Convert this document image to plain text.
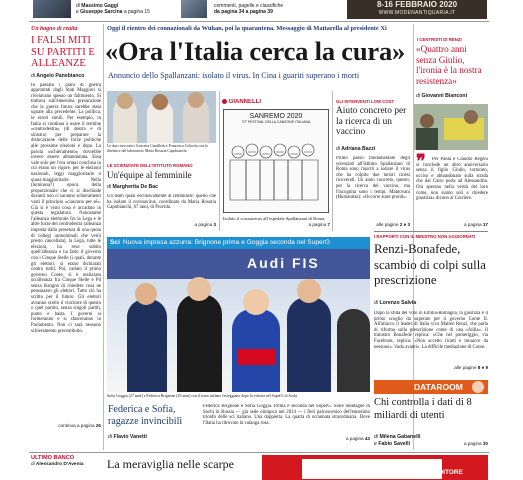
di Massimo Gaggi
e Giuseppe Sarcina a pagina 15
commenti, pagelle e classifiche
da pagina 34 a pagina 39
8-16 FEBBRAIO 2020
WWW.MODENANTIQUARIA.IT
Un bagno di realtà
I FALSI MITI SU PARTITI E ALLEANZE
di Angelo Panebianco
In passato i piani di guerra approntati dagli Stati Maggiori si rivelavano spesso un fallimento. Si trattava sull'ennesima presunzione che la guerra futura sarebbe stata uguale alla precedente. La politica, le errori simili. Per esempio, in Italia si continua a usare il termine «centrodestra» (di destra e di sinistra) per preparare la dislocazione delle forze politiche alle prossime elezioni e dopo. La parola «schieramento» dovrebbe invece essere abbandonata. Essa vale solo per l'era ormai conclusa in cui erano un vigore, per le elezioni nazionali, leggi maggioritarie o quasi-maggioritarie. Nella (luminosa?) epoca della proporzionale che ci si dischiude davanti non ci saranno schieramenti vasti il principio «ciascuno per sé». Già si è visto cosa è accaduto in questa legislatura. Nonostante l'alleanza elettorale fra la Lega e le altre forze del centrodestra (alleanza imposta dalla presenza di una quota di collegi uninominali che verrà presto cancellata), la Lega, tutte le elezioni, ha reso subito quell'alleanza e ha fatto il governo con i Cinque Stelle (i quali, durante gli elettori, si erano dichiarati contro tutti). Poi, caduto il primo governo Conte, si è realizzata un'alleanza fra Cinque Stelle e Pd senza bisogno di chiedere cosa ne pensassero gli elettori. Tutto ciò ha scritto per il futuro. Gli elettori avranno scelto il vincitore di questo o quel partito, senza singoli partiti, punto e basta. I governi si formeranno e si sfasceranno in Parlamento. Non ci sarà nessuno schieramento precostituito.
continua a pagina 26
Oggi il rientro dei connazionali da Wuhan, poi la quarantena. Messaggio di Mattarella al presidente Xi
«Ora l'Italia cerca la cura»
Annuncio dello Spallanzani: isolato il virus. In Cina i guariti superano i morti
Le due ricercatrici Concetta Castilletti e Francesca Colavita con la direttrice del laboratorio Maria Rosaria Capobianchi
LE SCIENZIATE DELL'ISTITUTO ROMANO
Un'équipe al femminile
di Margherita De Bac
Un team quasi esclusivamente al femminile: quello che ha isolato il coronavirus, coordinato da Maria Rosaria Capobianchi, 67 anni, di Procida.
a pagina 3
GIANNELLI
SANREMO 2020
70° FESTIVAL DELLA CANZONE ITALIANA
Isolato il coronavirus all'ospedale Spallanzani di Roma.
a pagina 7
GLI INTERVENTI LOW COST
Aiuto concreto per la ricerca di un vaccino
di Adriana Bazzi
Primo passo fondamentale degli scienziati all'Istituto Spallanzani di Roma sono riusciti a isolare il virus che ha colpito due turisti cinesi ricoverati. Un aiuto concreto, questo, per la ricerca del vaccino, ma l'incognita sono i tempi. Mantovani (Humanitas): «Occorre stare pronti».
alle pagine 2 e 3
I CENTRISTI DI RENZI
«Quattro anni senza Giulio, l'ironia è la nostra resistenza»
di Giovanni Bianconi
❞	Per Paola e Claudio Regeni si conclude un altro anniversario senza il figlio Giulio, torturato, ucciso e abbandonato sulla strada che dal Cairo porta ad Alessandria. Ora sperano nella verità del loro come, non siamo soli a chiedere giustizia» dicono al Corriere.
a pagina 17
I RAPPORTI CON IL MINISTRO NON AGGIORNATI
Renzi-Bonafede, scambio di colpi sulla prescrizione
di Lorenzo Salvia
Dopo la sfida del voto in Emilia-Romagna, la giustizia è il primo scoglio da superare per il governo Conte II. All'attacco il leader di Italia viva Matteo Renzi, che parla di riforma sulla prescrizione come di una «follia». Il ministro Bonafede replica: «Che nel pomeriggio, via Facebook, replica: «Non accetto ricatti e minacce da nessuno». Vado avanti». La difficile mediazione di Conte.
alle pagine 8 e 9
DATAROOM
Chi controlla i dati di 8 miliardi di utenti
di Milena Gabanelli
e Fabio Savelli	a pagina 30
Sci Nuova impresa azzurra: Brignone prima e Goggia seconda nel SuperG
Audi FIS
Sofia Goggia (27 anni) e Federica Brignone (29 anni) con il team italiano festeggiano dopo la vittoria nel SuperG di Sochi
Federica e Sofia, ragazze invincibili
di Flavio Vanetti
Federica Brignone e Sofia Goggia. Prima e seconda nel SuperG. Sulle montagne di Sochi in Russia — già sede olimpica nel 2014 — i fieri palcoscenico dell'ennesimo trionfo delle sci italiano. Una doppietta. La quarta di un'annata straordinaria. Dove l'Italia ha ritrovato la valanga rosa.
a pagina 43
ULTIMO BANCO
di Alessandro D'Avenia	La meraviglia nelle scarpe
IL RIVENDITORE
